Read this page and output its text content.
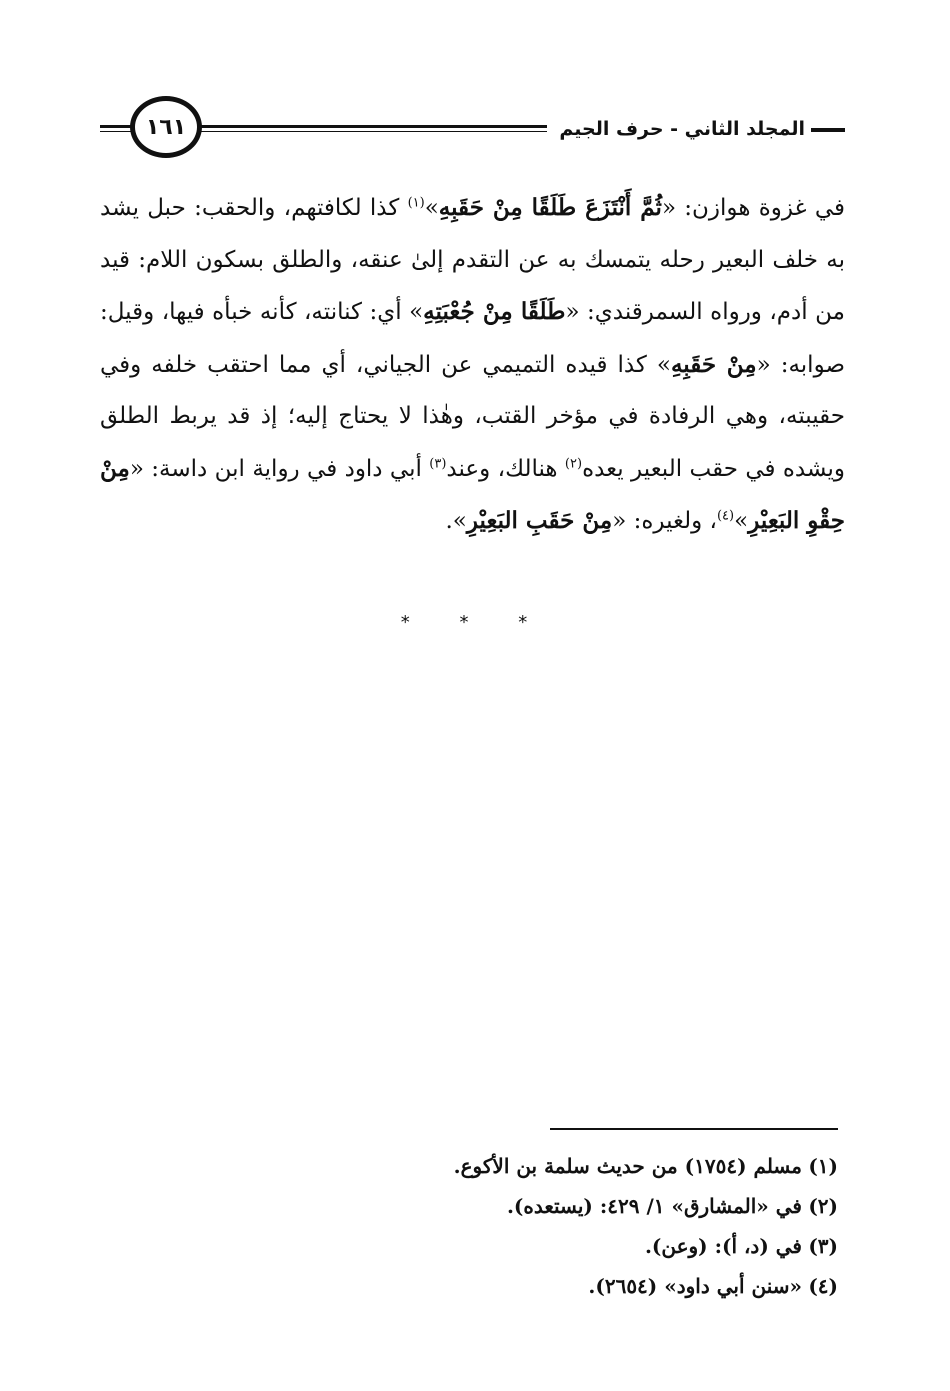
المجلد الثاني - حرف الجيم
١٦١

في غزوة هوازن: «ثُمَّ أَنْتَزَعَ طَلَقًا مِنْ حَقَبِهِ»$^{(١)}$ كذا لكافتهم، والحقب: حبل يشد به خلف البعير رحله يتمسك به عن التقدم إلىٰ عنقه، والطلق بسكون اللام: قيد من أدم، ورواه السمرقندي: «طَلَقًا مِنْ جُعْبَتِهِ» أي: كنانته، كأنه خبأه فيها، وقيل: صوابه: «مِنْ حَقَبِهِ» كذا قيده التميمي عن الجياني، أي مما احتقب خلفه وفي حقيبته، وهي الرفادة في مؤخر القتب، وهٰذا لا يحتاج إليه؛ إذ قد يربط الطلق ويشده في حقب البعير يعده$^{(٢)}$ هنالك، وعند$^{(٣)}$ أبي داود في رواية ابن داسة: «مِنْ حِقْوِ البَعِيْرِ»$^{(٤)}$، ولغيره: «مِنْ حَقَبِ البَعِيْرِ».

* * *

(١)مسلم (١٧٥٤) من حديث سلمة بن الأكوع.

(٢)في «المشارق» ١/ ٤٢٩: (يستعده).

(٣)في (د، أ): (وعن).

(٤)«سنن أبي داود» (٢٦٥٤).
